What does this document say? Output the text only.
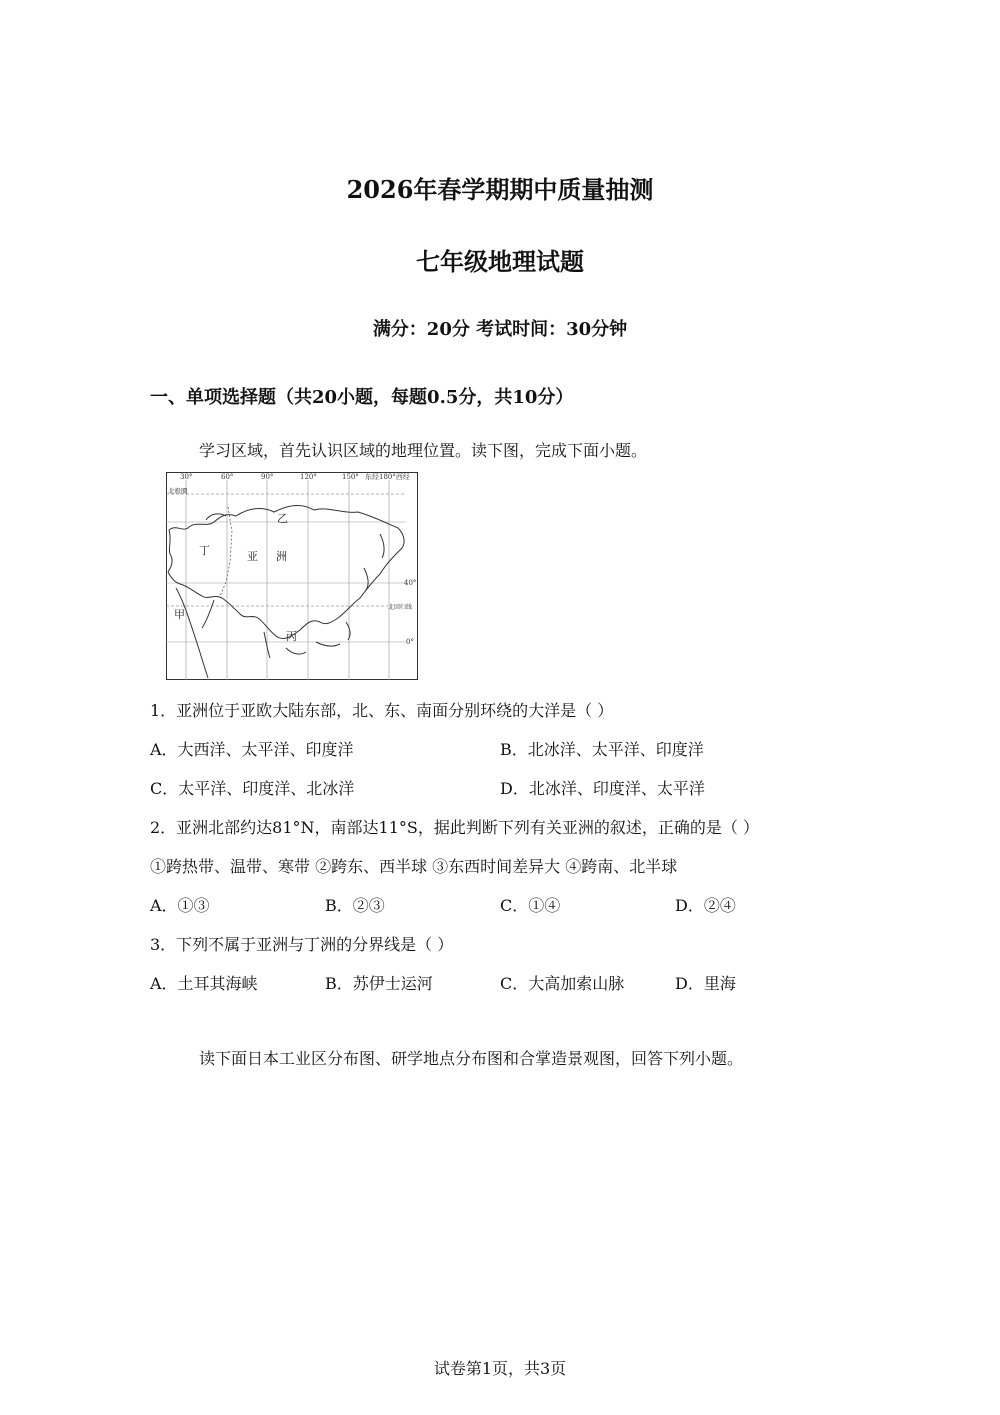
2026年春学期期中质量抽测
七年级地理试题
满分：20分 考试时间：30分钟
一、单项选择题（共20小题，每题0.5分，共10分）
学习区域，首先认识区域的地理位置。读下图，完成下面小题。
30°	60°	90°	120°	150° 东经180°西经
40°
0°
北极圈
北回归线
乙
丁	亚 洲
甲
丙
1．亚洲位于亚欧大陆东部，北、东、南面分别环绕的大洋是（ ）
A．大西洋、太平洋、印度洋	B．北冰洋、太平洋、印度洋
C．太平洋、印度洋、北冰洋	D．北冰洋、印度洋、太平洋
2．亚洲北部约达81°N，南部达11°S，据此判断下列有关亚洲的叙述，正确的是（ ）
①跨热带、温带、寒带 ②跨东、西半球 ③东西时间差异大 ④跨南、北半球
A．①③	B．②③	C．①④	D．②④
3．下列不属于亚洲与丁洲的分界线是（ ）
A．土耳其海峡	B．苏伊士运河	C．大高加索山脉	D．里海
读下面日本工业区分布图、研学地点分布图和合掌造景观图，回答下列小题。
试卷第1页，共3页
